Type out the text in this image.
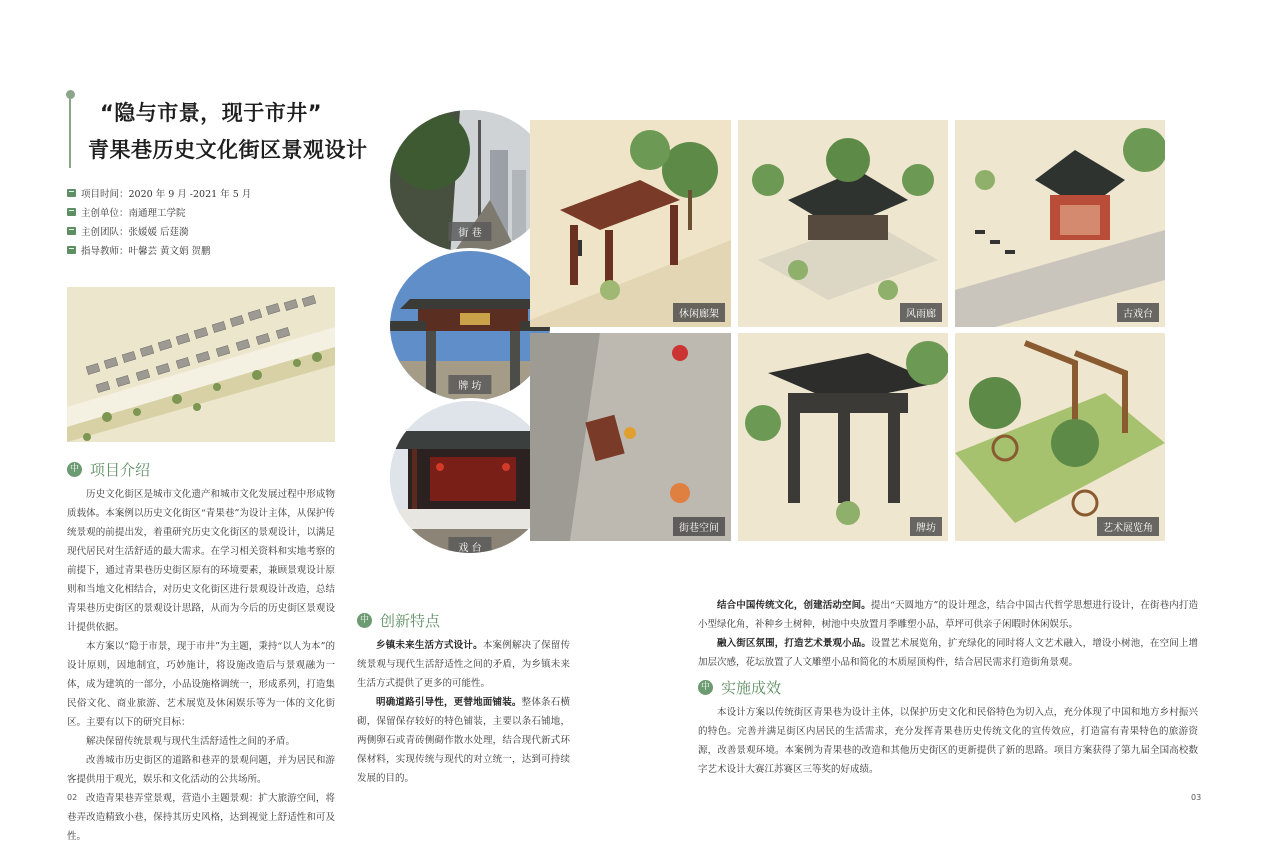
“隐与市景，现于市井”
青果巷历史文化街区景观设计
项目时间：2020 年 9 月 -2021 年 5 月
主创单位：南通理工学院
主创团队：张媛媛 后莛漪
指导教师：叶馨芸 黄文娟 贺鹏
中 项目介绍

历史文化街区是城市文化遗产和城市文化发展过程中形成物质载体。本案例以历史文化街区“青果巷”为设计主体，从保护传统景观的前提出发，着重研究历史文化街区的景观设计，以满足现代居民对生活舒适的最大需求。在学习相关资料和实地考察的前提下，通过青果巷历史街区原有的环境要素，兼顾景观设计原则和当地文化相结合，对历史文化街区进行景观设计改造，总结青果巷历史街区的景观设计思路，从而为今后的历史街区景观设计提供依据。

本方案以“隐于市景，现于市井”为主题，秉持“以人为本”的设计原则，因地制宜，巧妙施计，将设施改造后与景观融为一体，成为建筑的一部分，小品设施格调统一，形成系列，打造集民俗文化、商业旅游、艺术展览及休闲娱乐等为一体的文化街区。主要有以下的研究目标：

解决保留传统景观与现代生活舒适性之间的矛盾。

改善城市历史街区的道路和巷弄的景观问题，并为居民和游客提供用于观光，娱乐和文化活动的公共场所。

改造青果巷弄堂景观，营造小主题景观：扩大旅游空间，将巷弄改造精致小巷，保持其历史风格，达到视觉上舒适性和可及性。

中 创新特点

乡镇未来生活方式设计。本案例解决了保留传统景观与现代生活舒适性之间的矛盾，为乡镇未来生活方式提供了更多的可能性。

明确道路引导性，更替地面铺装。整体条石横砌，保留保存较好的特色铺装，主要以条石铺地，两侧卵石或青砖侧砌作散水处理，结合现代新式环保材料，实现传统与现代的对立统一，达到可持续发展的目的。

结合中国传统文化，创建活动空间。提出“天圆地方”的设计理念，结合中国古代哲学思想进行设计，在街巷内打造小型绿化角，补种乡土树种，树池中央放置月季雕塑小品，草坪可供亲子闲暇时休闲娱乐。

融入街区氛围，打造艺术景观小品。设置艺术展览角，扩充绿化的同时将人文艺术融入，增设小树池，在空间上增加层次感，花坛放置了人文雕塑小品和简化的木质屋顶构件，结合居民需求打造街角景观。

中 实施成效

本设计方案以传统街区青果巷为设计主体，以保护历史文化和民俗特色为切入点，充分体现了中国和地方乡村振兴的特色。完善并满足街区内居民的生活需求，充分发挥青果巷历史传统文化的宣传效应，打造富有青果特色的旅游资源，改善景观环境。本案例为青果巷的改造和其他历史街区的更新提供了新的思路。项目方案获得了第九届全国高校数字艺术设计大赛江苏赛区三等奖的好成绩。

街 巷
牌 坊
戏 台
休闲廊架	风雨廊	古戏台
街巷空间	牌坊	艺术展览角
02	03
